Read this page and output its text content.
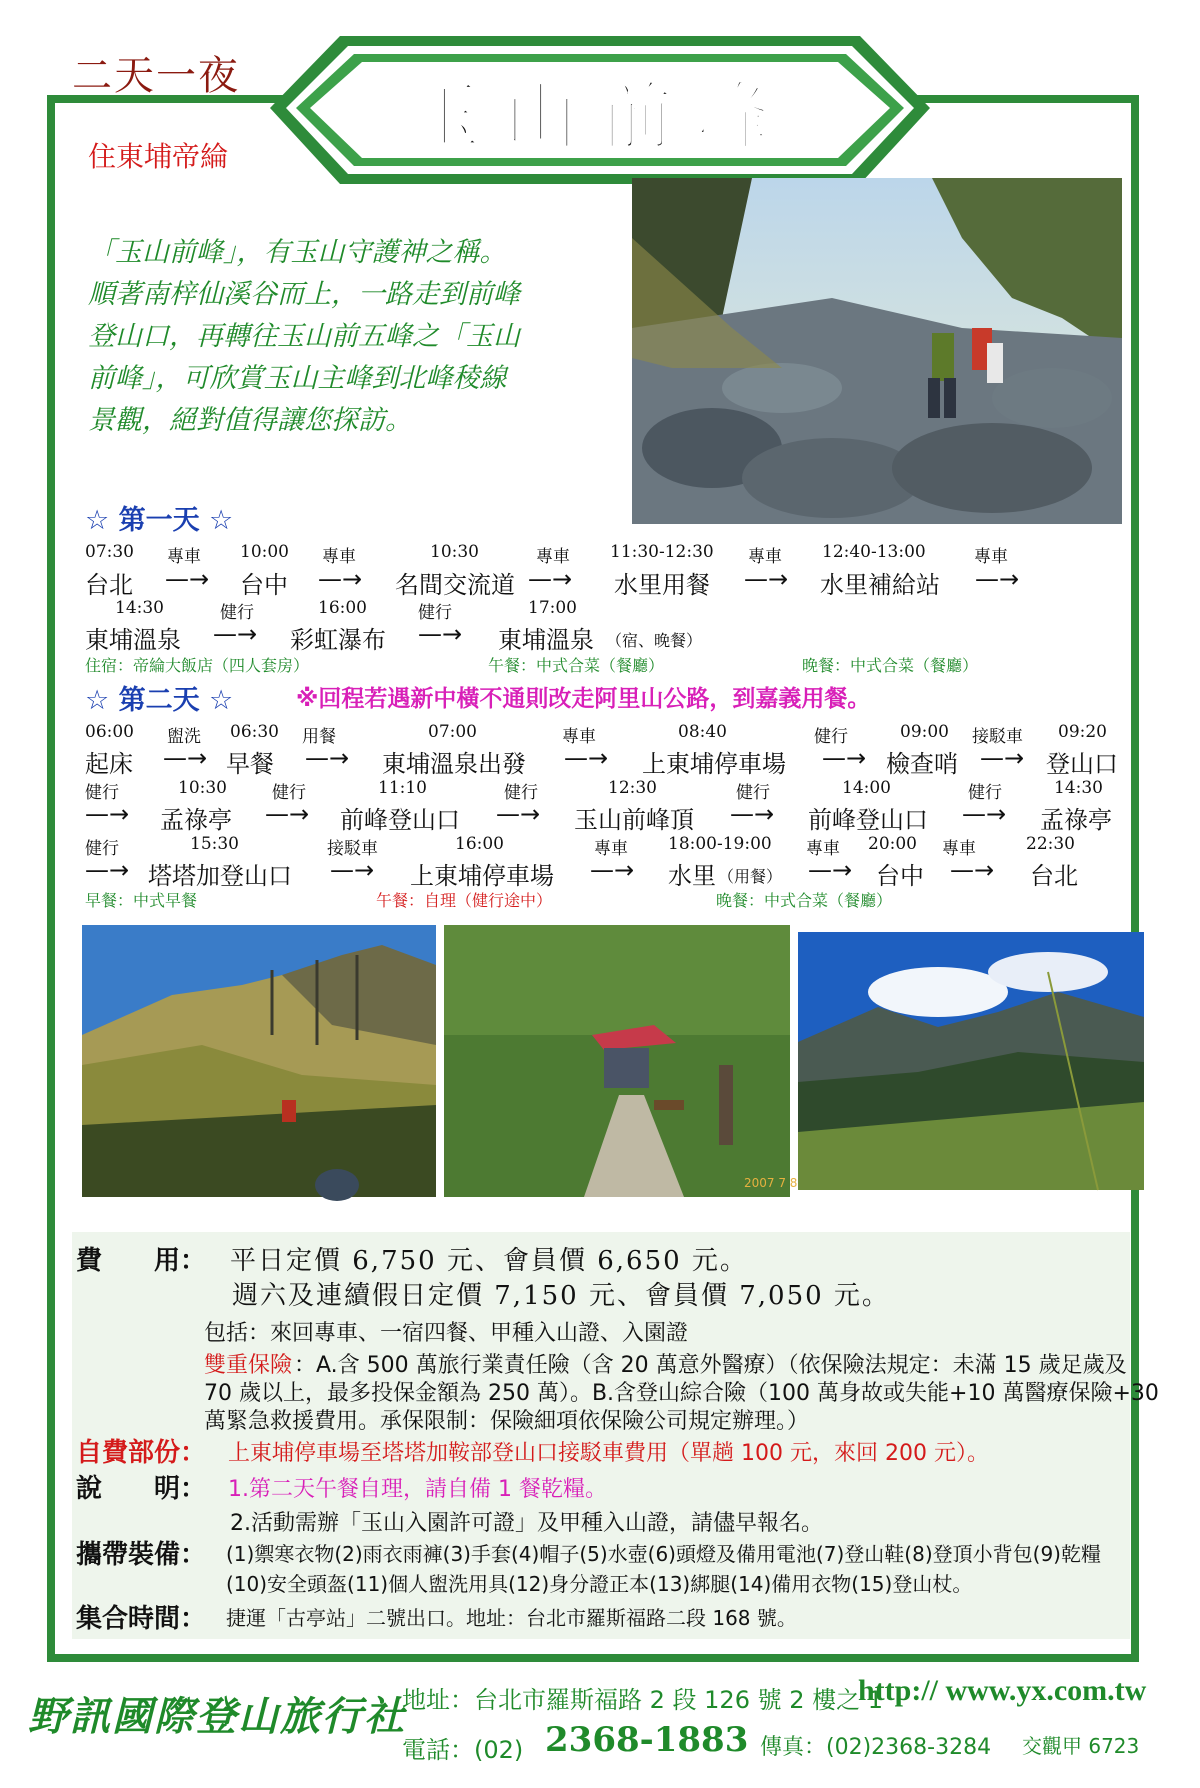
二天一夜	玉山前峰
住東埔帝綸
「玉山前峰」，有玉山守護神之稱。
順著南梓仙溪谷而上，一路走到前峰
登山口，再轉往玉山前五峰之「玉山
前峰」，可欣賞玉山主峰到北峰稜線
景觀，絕對值得讓您探訪。
☆ 第一天 ☆
07:30 專車 10:00 專車	10:30	專車 11:30-12:30 專車 12:40-13:00	專車
台北 —→ 台中 —→ 名間交流道 —→ 水里用餐 —→ 水里補給站 —→
14:30	健行	16:00	健行	17:00
東埔溫泉 —→ 彩虹瀑布 —→ 東埔溫泉 （宿、晚餐）
住宿：帝綸大飯店（四人套房）	午餐：中式合菜（餐廳）	晚餐：中式合菜（餐廳）
☆ 第二天 ☆	※回程若遇新中橫不通則改走阿里山公路，到嘉義用餐。
06:00 盥洗 06:30 用餐	07:00	專車	08:40	健行	09:00 接駁車 09:20
起床 —→ 早餐 —→ 東埔溫泉出發 —→ 上東埔停車場 —→ 檢查哨 —→ 登山口
健行	10:30	健行	11:10	健行	12:30	健行	14:00	健行	14:30
—→ 孟祿亭 —→ 前峰登山口 —→ 玉山前峰頂 —→ 前峰登山口 —→ 孟祿亭
健行	15:30	接駁車	16:00	專車 18:00-19:00 專車 20:00 專車	22:30
—→ 塔塔加登山口 —→ 上東埔停車場 —→ 水里 （用餐） —→ 台中 —→ 台北
早餐：中式早餐	午餐：自理（健行途中）	晚餐：中式合菜（餐廳）
2007 7 8
費　　用： 平日定價 6,750 元、會員價 6,650 元。
週六及連續假日定價 7,150 元、會員價 7,050 元。
包括：來回專車、一宿四餐、甲種入山證、入園證
雙重保險 ：A.含 500 萬旅行業責任險（含 20 萬意外醫療）（依保險法規定：未滿 15 歲足歲及
70 歲以上，最多投保金額為 250 萬）。B.含登山綜合險（100 萬身故或失能+10 萬醫療保險+30
萬緊急救援費用。承保限制：保險細項依保險公司規定辦理。）
自費部份： 上東埔停車場至塔塔加鞍部登山口接駁車費用（單趟 100 元，來回 200 元）。
說　　明： 1.第二天午餐自理，請自備 1 餐乾糧。
2.活動需辦「玉山入園許可證」及甲種入山證，請儘早報名。
攜帶裝備： (1)禦寒衣物(2)雨衣雨褲(3)手套(4)帽子(5)水壺(6)頭燈及備用電池(7)登山鞋(8)登頂小背包(9)乾糧
(10)安全頭盔(11)個人盥洗用具(12)身分證正本(13)綁腿(14)備用衣物(15)登山杖。
集合時間： 捷運「古亭站」二號出口。地址：台北市羅斯福路二段 168 號。
野訊國際登山旅行社
地址：台北市羅斯福路 2 段 126 號 2 樓之 1
http:// www.yx.com.tw
電話：(02) 2368-1883 傳真：(02)2368-3284 交觀甲 6723
